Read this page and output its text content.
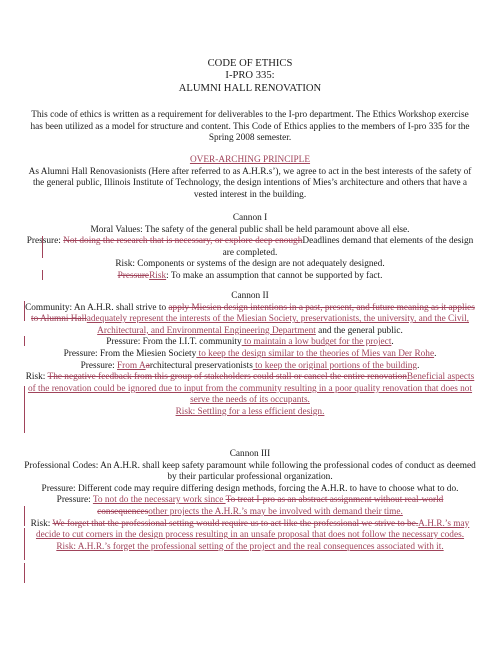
CODE OF ETHICS
I-PRO 335:
ALUMNI HALL RENOVATION

This code of ethics is written as a requirement for deliverables to the I-pro department. The Ethics Workshop exercise has been utilized as a model for structure and content. This Code of Ethics applies to the members of I-pro 335 for the Spring 2008 semester.

OVER-ARCHING PRINCIPLE

As Alumni Hall Renovasionists (Here after referred to as A.H.R.s’), we agree to act in the best interests of the safety of the general public, Illinois Institute of Technology, the design intentions of Mies’s architecture and others that have a vested interest in the building.

Cannon I

Moral Values: The safety of the general public shall be held paramount above all else.

Pressure: Not doing the research that is necessary, or explore deep enoughDeadlines demand that elements of the design are completed.

Risk: Components or systems of the design are not adequately designed.

PressureRisk: To make an assumption that cannot be supported by fact.

Cannon II

Community: An A.H.R. shall strive to apply Miesien design intentions in a past, present, and future meaning as it applies to Alumni Halladequately represent the interests of the Miesian Society, preservationists, the university, and the Civil, Architectural, and Environmental Engineering Department and the general public.

Pressure: From the I.I.T. community to maintain a low budget for the project.

Pressure: From the Miesien Society to keep the design similar to the theories of Mies van Der Rohe.

Pressure: From Aarchitectural preservationists to keep the original portions of the building.

Risk: The negative feedback from this group of stakeholders could stall or cancel the entire renovationBeneficial aspects of the renovation could be ignored due to input from the community resulting in a poor quality renovation that does not serve the needs of its occupants.

Risk: Settling for a less efficient design.

Cannon III

Professional Codes: An A.H.R. shall keep safety paramount while following the professional codes of conduct as deemed by their particular professional organization.

Pressure: Different code may require differing design methods, forcing the A.H.R. to have to choose what to do.

Pressure: To not do the necessary work since To treat I-pro as an abstract assignment without real-world consequencesother projects the A.H.R.’s may be involved with demand their time.

Risk: We forget that the professional setting would require us to act like the professional we strive to be.A.H.R.’s may decide to cut corners in the design process resulting in an unsafe proposal that does not follow the necessary codes.

Risk: A.H.R.’s forget the professional setting of the project and the real consequences associated with it.
